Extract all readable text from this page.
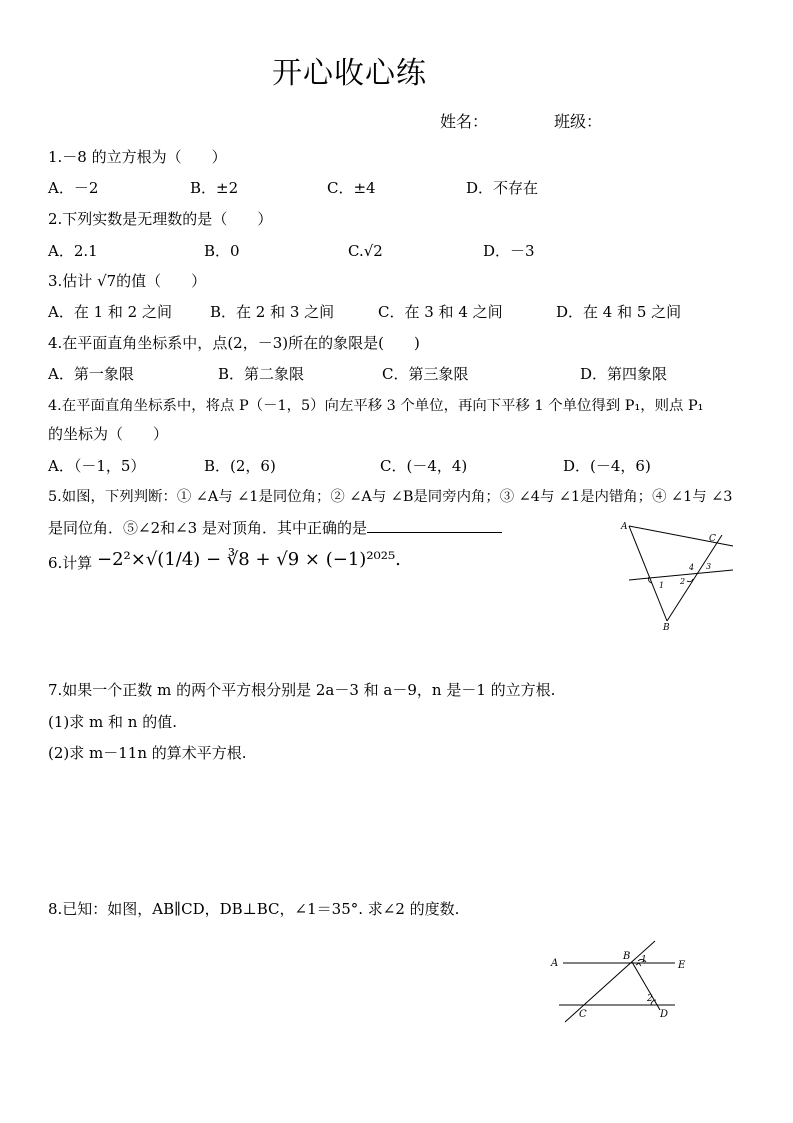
开心收心练
姓名：	班级：
1.－8 的立方根为（　　）
A．－2	B．±2	C．±4	D．不存在
2.下列实数是无理数的是（　　）
A．2.1	B．0	C.√2	D．－3
3.估计 √7的值（　　）
A．在 1 和 2 之间	B．在 2 和 3 之间	C．在 3 和 4 之间	D．在 4 和 5 之间
4.在平面直角坐标系中，点(2，－3)所在的象限是(　　)
A．第一象限	B．第二象限	C．第三象限	D．第四象限
4.在平面直角坐标系中，将点 P（－1，5）向左平移 3 个单位，再向下平移 1 个单位得到 P₁，则点 P₁
的坐标为（　　）
A．（－1，5）	B．(2，6)	C．(－4，4)	D．(－4，6)
5.如图，下列判断：① ∠A与 ∠1是同位角；② ∠A与 ∠B是同旁内角；③ ∠4与 ∠1是内错角；④ ∠1与 ∠3
是同位角．⑤∠2和∠3 是对顶角．其中正确的是
6.计算 −2²×√(1/4) − ∛8 + √9 × (−1)²⁰²⁵.
A
C
4 3
2
1
B
7.如果一个正数 m 的两个平方根分别是 2a－3 和 a－9，n 是－1 的立方根.
(1)求 m 和 n 的值.
(2)求 m－11n 的算术平方根.
8.已知：如图，AB∥CD，DB⊥BC，∠1＝35°. 求∠2 的度数.
A
B 1	E
2
C	D
